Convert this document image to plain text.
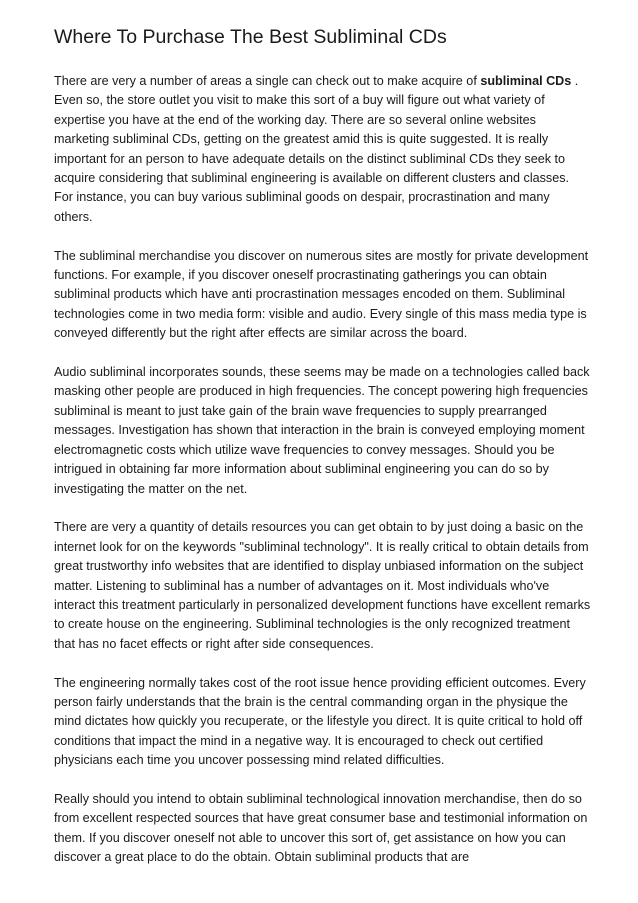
Where To Purchase The Best Subliminal CDs

There are very a number of areas a single can check out to make acquire of subliminal CDs . Even so, the store outlet you visit to make this sort of a buy will figure out what variety of expertise you have at the end of the working day. There are so several online websites marketing subliminal CDs, getting on the greatest amid this is quite suggested. It is really important for an person to have adequate details on the distinct subliminal CDs they seek to acquire considering that subliminal engineering is available on different clusters and classes. For instance, you can buy various subliminal goods on despair, procrastination and many others.

The subliminal merchandise you discover on numerous sites are mostly for private development functions. For example, if you discover oneself procrastinating gatherings you can obtain subliminal products which have anti procrastination messages encoded on them. Subliminal technologies come in two media form: visible and audio. Every single of this mass media type is conveyed differently but the right after effects are similar across the board.

Audio subliminal incorporates sounds, these seems may be made on a technologies called back masking other people are produced in high frequencies. The concept powering high frequencies subliminal is meant to just take gain of the brain wave frequencies to supply prearranged messages. Investigation has shown that interaction in the brain is conveyed employing moment electromagnetic costs which utilize wave frequencies to convey messages. Should you be intrigued in obtaining far more information about subliminal engineering you can do so by investigating the matter on the net.

There are very a quantity of details resources you can get obtain to by just doing a basic on the internet look for on the keywords "subliminal technology". It is really critical to obtain details from great trustworthy info websites that are identified to display unbiased information on the subject matter. Listening to subliminal has a number of advantages on it. Most individuals who've interact this treatment particularly in personalized development functions have excellent remarks to create house on the engineering. Subliminal technologies is the only recognized treatment that has no facet effects or right after side consequences.

The engineering normally takes cost of the root issue hence providing efficient outcomes. Every person fairly understands that the brain is the central commanding organ in the physique the mind dictates how quickly you recuperate, or the lifestyle you direct. It is quite critical to hold off conditions that impact the mind in a negative way. It is encouraged to check out certified physicians each time you uncover possessing mind related difficulties.

Really should you intend to obtain subliminal technological innovation merchandise, then do so from excellent respected sources that have great consumer base and testimonial information on them. If you discover oneself not able to uncover this sort of, get assistance on how you can discover a great place to do the obtain. Obtain subliminal products that are
